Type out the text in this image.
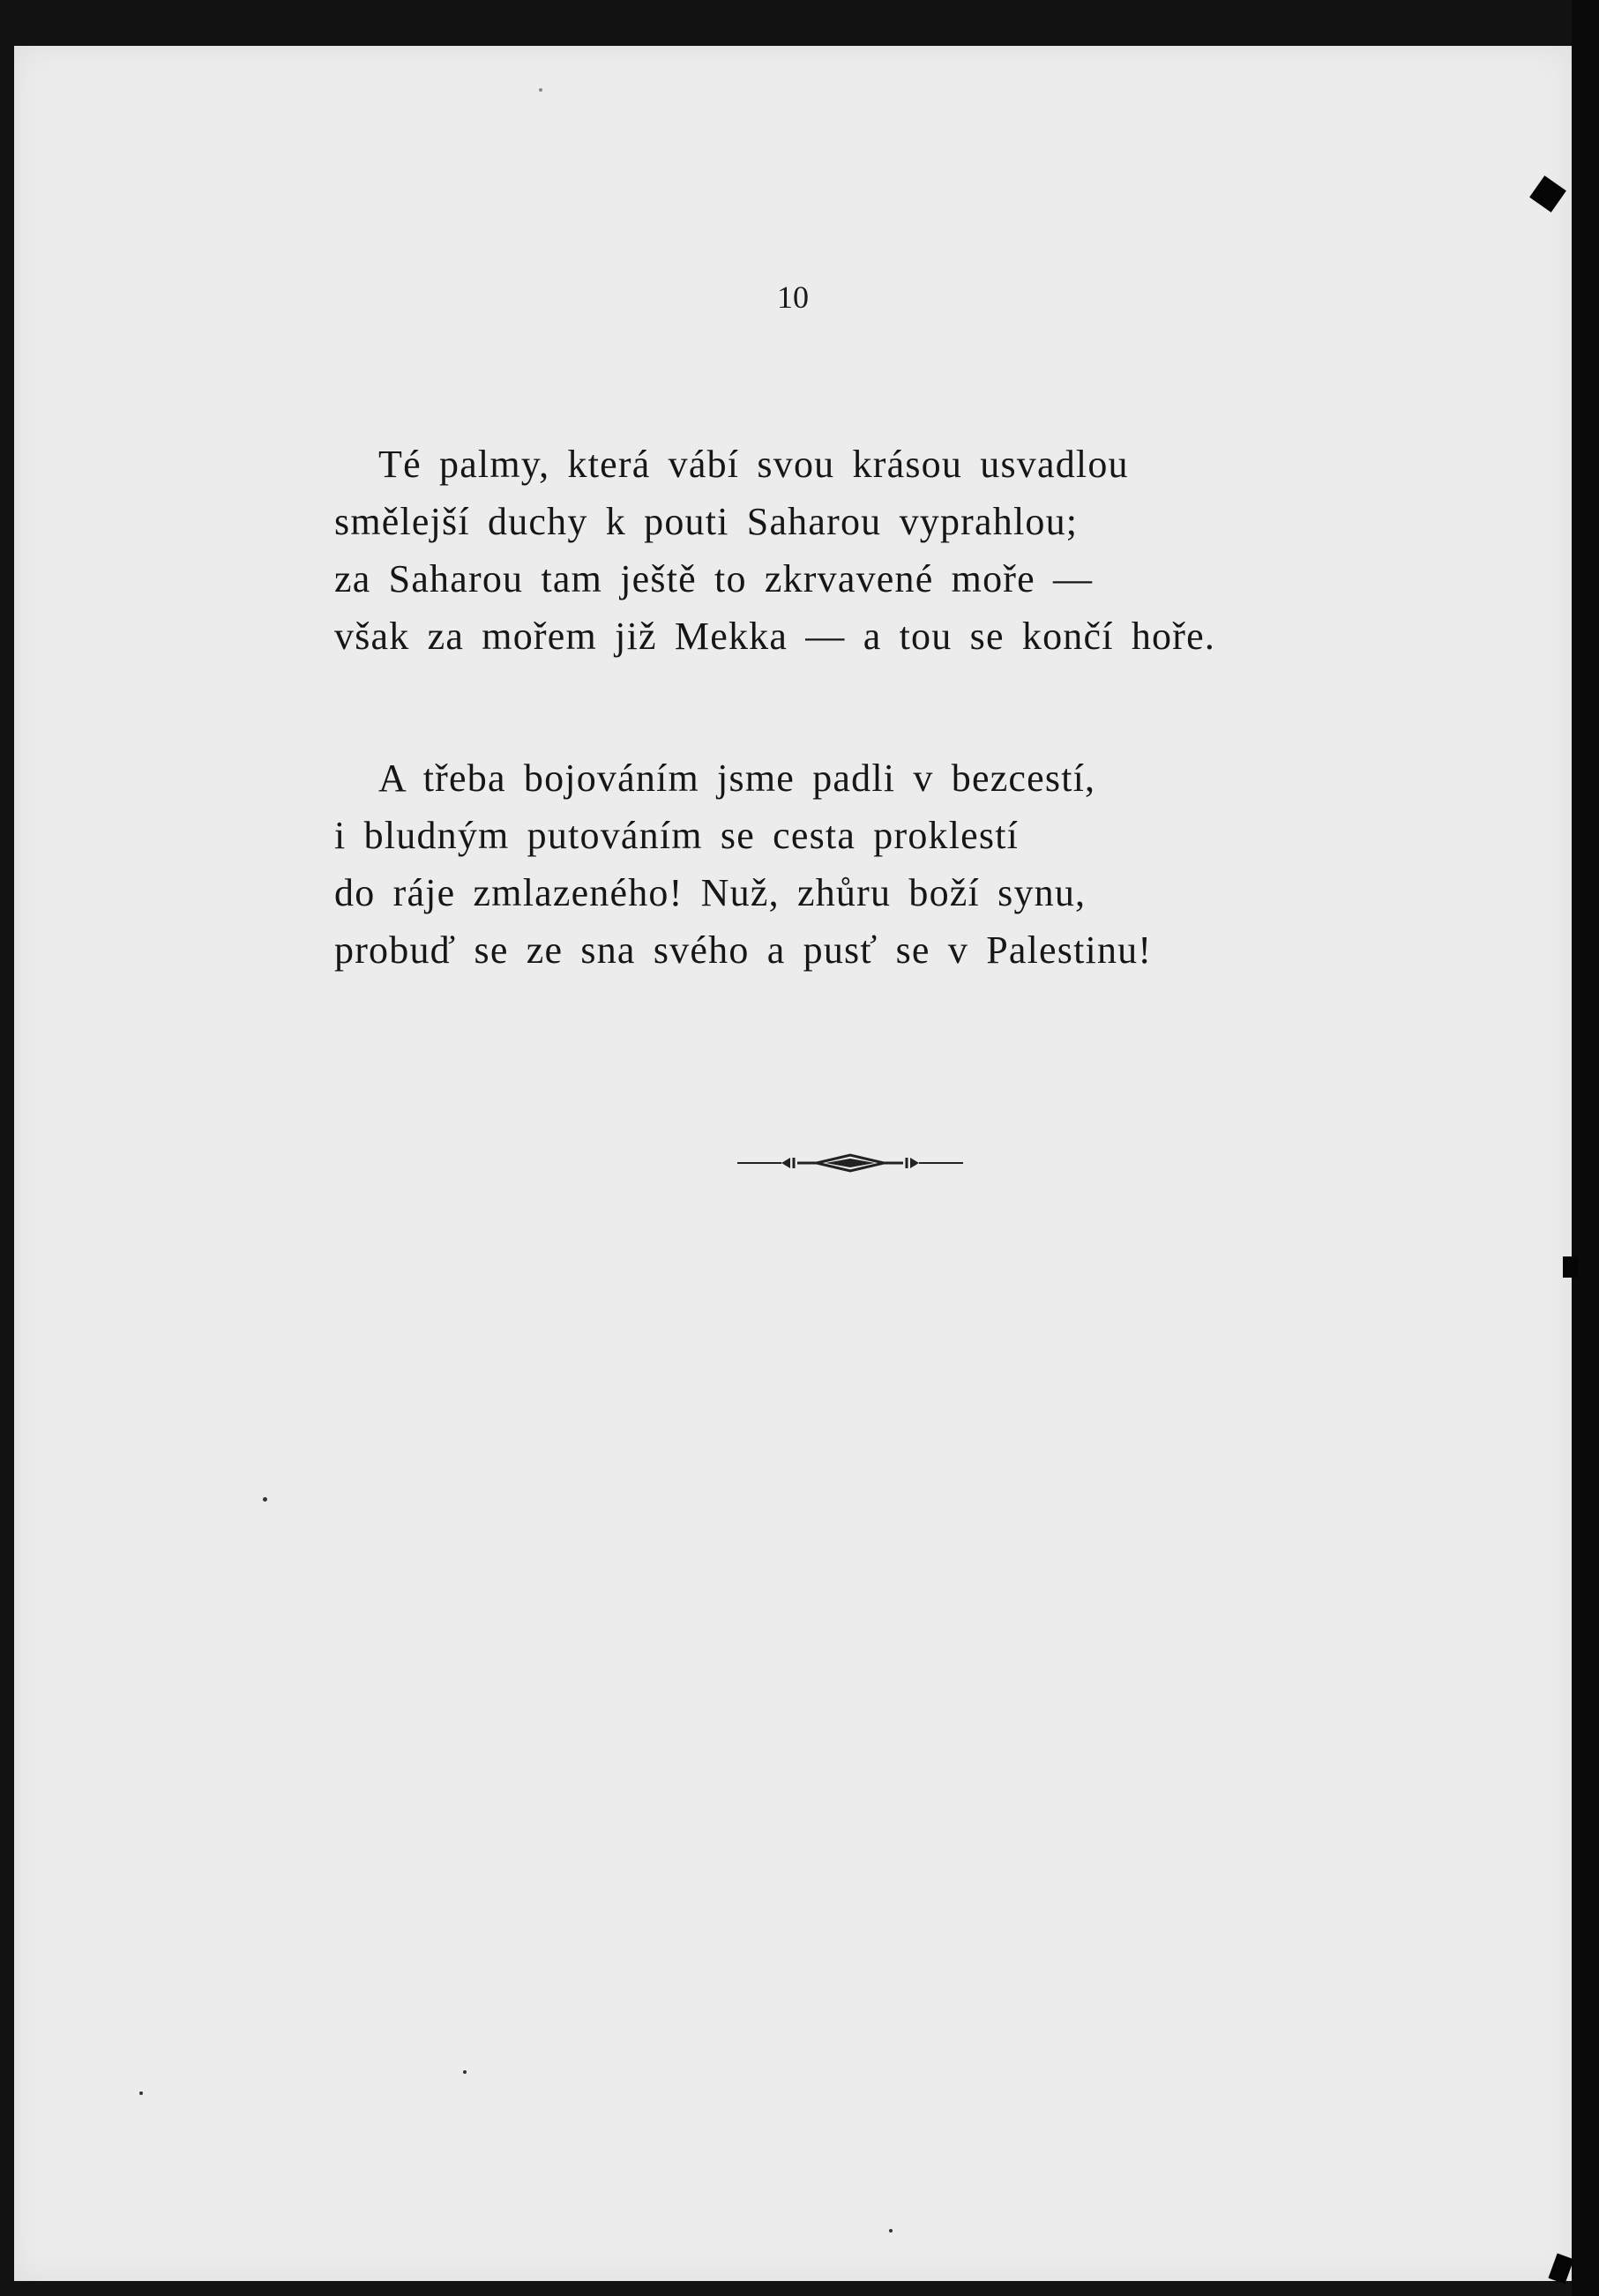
10
Té palmy, která vábí svou krásou usvadlou
smělejší duchy k pouti Saharou vyprahlou;
za Saharou tam ještě to zkrvavené moře —
však za mořem již Mekka — a tou se končí hoře.
A třeba bojováním jsme padli v bezcestí,
i bludným putováním se cesta proklestí
do ráje zmlazeného! Nuž, zhůru boží synu,
probuď se ze sna svého a pusť se v Palestinu!
